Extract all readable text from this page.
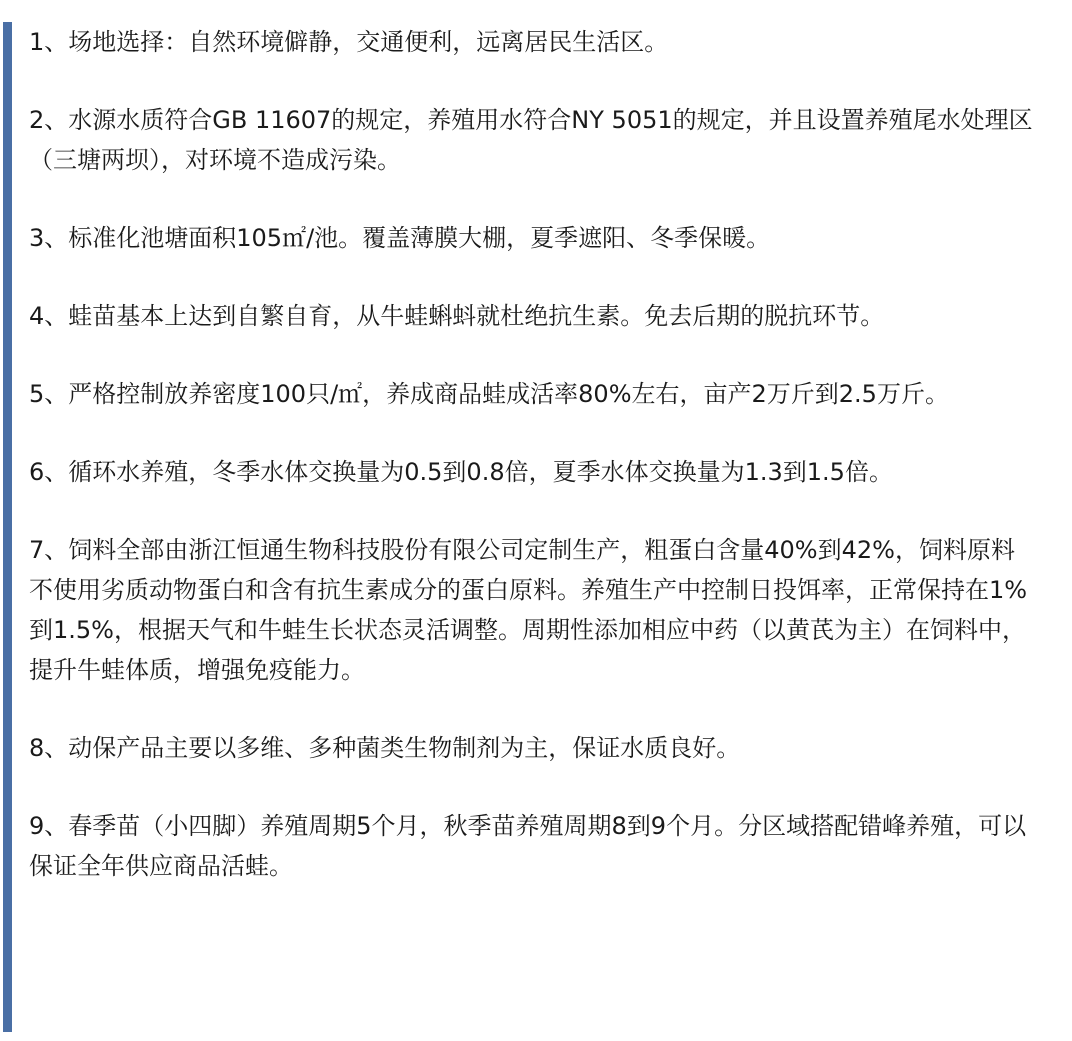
1、场地选择：自然环境僻静，交通便利，远离居民生活区。

2、水源水质符合GB 11607的规定，养殖用水符合NY 5051的规定，并且设置养殖尾水处理区（三塘两坝），对环境不造成污染。

3、标准化池塘面积105㎡/池。覆盖薄膜大棚，夏季遮阳、冬季保暖。

4、蛙苗基本上达到自繁自育，从牛蛙蝌蚪就杜绝抗生素。免去后期的脱抗环节。

5、严格控制放养密度100只/㎡，养成商品蛙成活率80%左右，亩产2万斤到2.5万斤。

6、循环水养殖，冬季水体交换量为0.5到0.8倍，夏季水体交换量为1.3到1.5倍。

7、饲料全部由浙江恒通生物科技股份有限公司定制生产，粗蛋白含量40%到42%，饲料原料不使用劣质动物蛋白和含有抗生素成分的蛋白原料。养殖生产中控制日投饵率，正常保持在1%到1.5%，根据天气和牛蛙生长状态灵活调整。周期性添加相应中药（以黄芪为主）在饲料中，提升牛蛙体质，增强免疫能力。

8、动保产品主要以多维、多种菌类生物制剂为主，保证水质良好。

9、春季苗（小四脚）养殖周期5个月，秋季苗养殖周期8到9个月。分区域搭配错峰养殖，可以保证全年供应商品活蛙。
